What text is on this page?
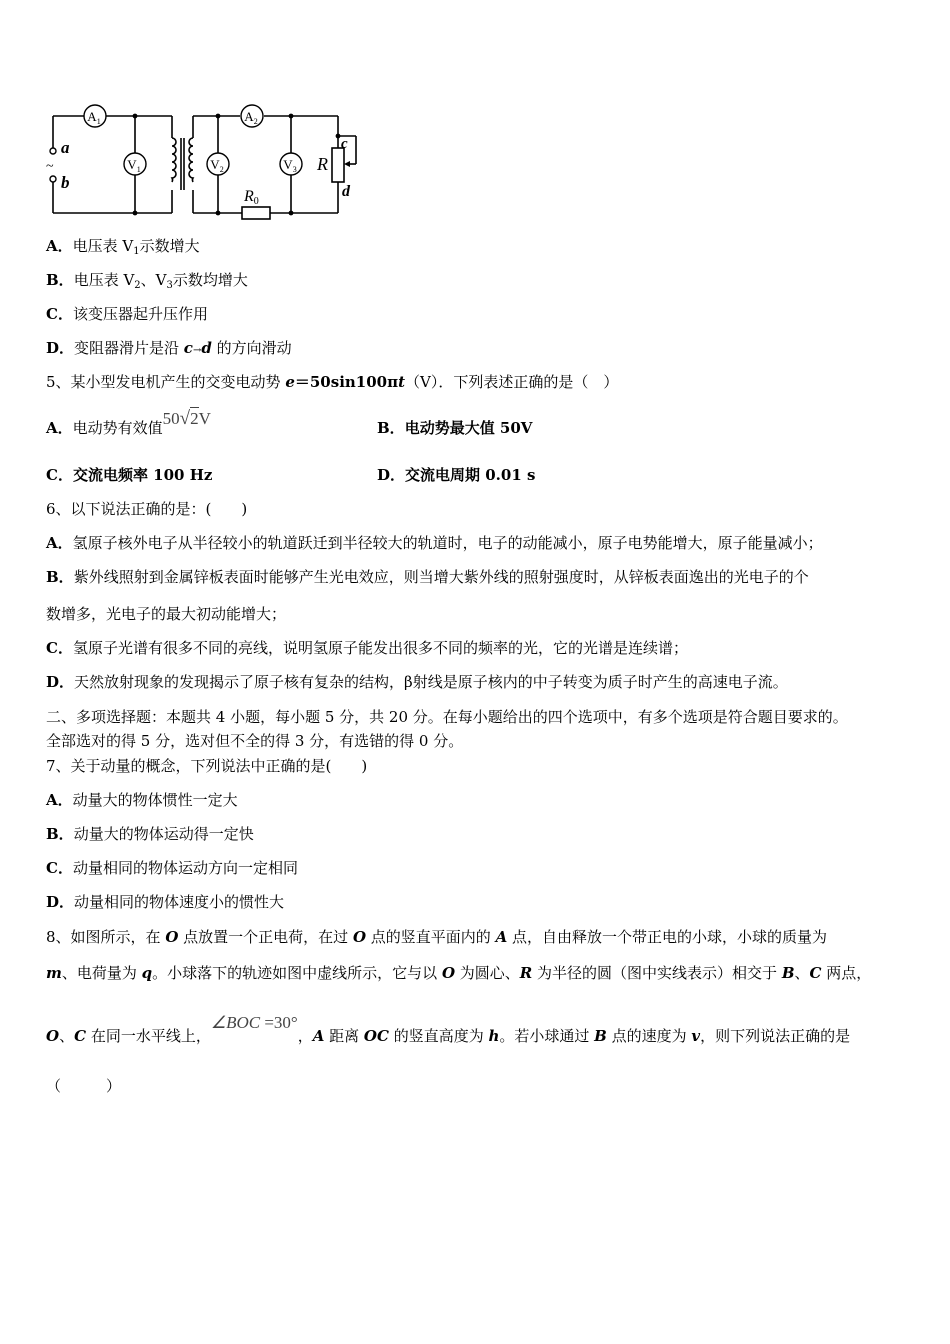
$A_1$	$A_2$
$V_1$	$V_2$	$V_3$
a
b
R
c
d
R0
~
A．电压表 $V_1$示数增大
B．电压表 $V_2$、$V_3$示数均增大
C．该变压器起升压作用
D．变阻器滑片是沿 c→d 的方向滑动
5、某小型发电机产生的交变电动势 e＝50sin100πt（V）．下列表述正确的是（　）
A．电动势有效值50√2V	B．电动势最大值 50V
C．交流电频率 100 Hz	D．交流电周期 0.01 s
6、以下说法正确的是：(　　)
A．氢原子核外电子从半径较小的轨道跃迁到半径较大的轨道时，电子的动能减小，原子电势能增大，原子能量减小；
B．紫外线照射到金属锌板表面时能够产生光电效应，则当增大紫外线的照射强度时，从锌板表面逸出的光电子的个
数增多，光电子的最大初动能增大；
C．氢原子光谱有很多不同的亮线，说明氢原子能发出很多不同的频率的光，它的光谱是连续谱；
D．天然放射现象的发现揭示了原子核有复杂的结构，β射线是原子核内的中子转变为质子时产生的高速电子流。
二、多项选择题：本题共 4 小题，每小题 5 分，共 20 分。在每小题给出的四个选项中，有多个选项是符合题目要求的。
全部选对的得 5 分，选对但不全的得 3 分，有选错的得 0 分。
7、关于动量的概念，下列说法中正确的是(　　)
A．动量大的物体惯性一定大
B．动量大的物体运动得一定快
C．动量相同的物体运动方向一定相同
D．动量相同的物体速度小的惯性大
8、如图所示，在 O 点放置一个正电荷，在过 O 点的竖直平面内的 A 点，自由释放一个带正电的小球，小球的质量为
m、电荷量为 q。小球落下的轨迹如图中虚线所示，它与以 O 为圆心、R 为半径的圆（图中实线表示）相交于 B、C 两点，
O、C 在同一水平线上，∠BOC =30°，A 距离 OC 的竖直高度为 h。若小球通过 B 点的速度为 v，则下列说法正确的是
（　　　）
